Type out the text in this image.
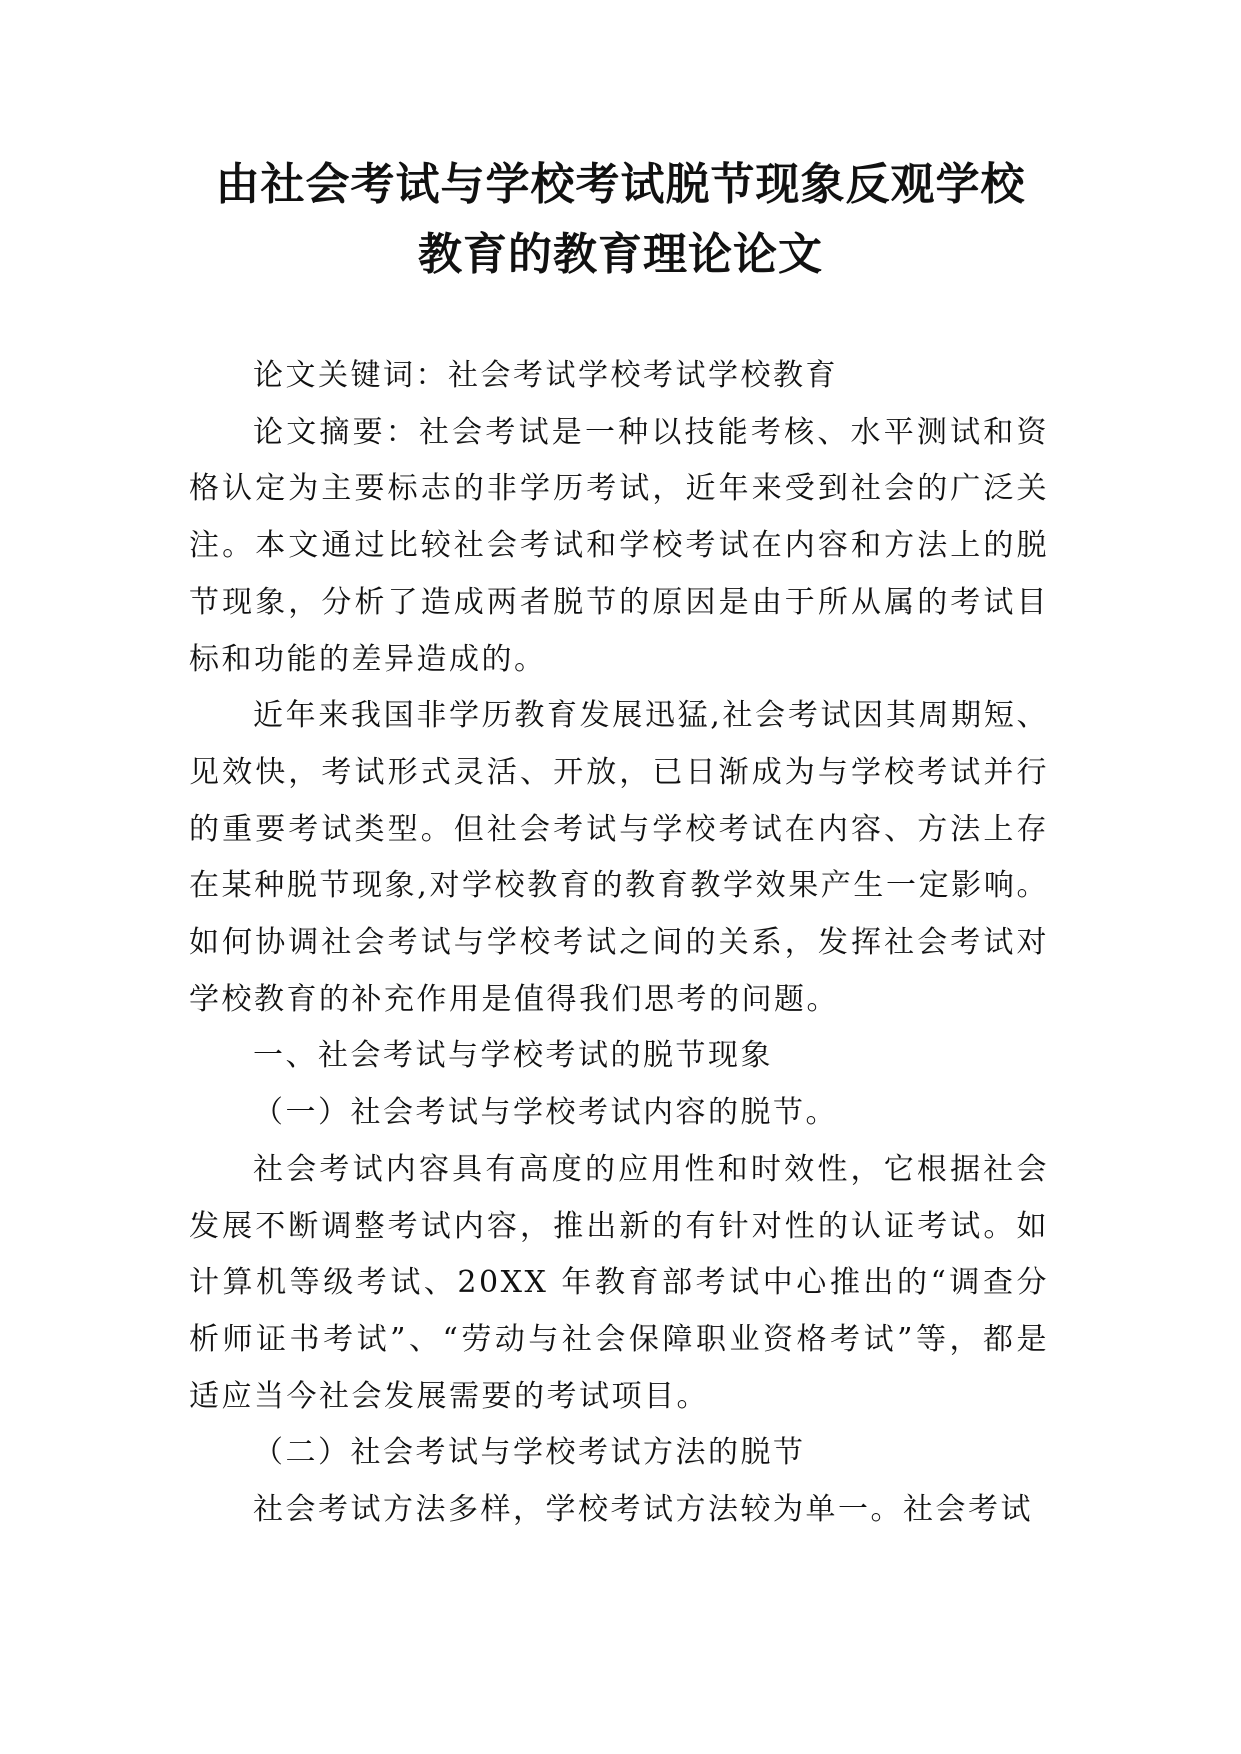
由社会考试与学校考试脱节现象反观学校
教育的教育理论论文

论文关键词：社会考试学校考试学校教育

论文摘要：社会考试是一种以技能考核、水平测试和资格认定为主要标志的非学历考试，近年来受到社会的广泛关注。本文通过比较社会考试和学校考试在内容和方法上的脱节现象，分析了造成两者脱节的原因是由于所从属的考试目标和功能的差异造成的。

近年来我国非学历教育发展迅猛,社会考试因其周期短、见效快，考试形式灵活、开放，已日渐成为与学校考试并行的重要考试类型。但社会考试与学校考试在内容、方法上存在某种脱节现象,对学校教育的教育教学效果产生一定影响。如何协调社会考试与学校考试之间的关系，发挥社会考试对学校教育的补充作用是值得我们思考的问题。

一、社会考试与学校考试的脱节现象

（一）社会考试与学校考试内容的脱节。

社会考试内容具有高度的应用性和时效性，它根据社会发展不断调整考试内容，推出新的有针对性的认证考试。如计算机等级考试、20XX 年教育部考试中心推出的“调查分析师证书考试”、“劳动与社会保障职业资格考试”等，都是适应当今社会发展需要的考试项目。

（二）社会考试与学校考试方法的脱节

社会考试方法多样，学校考试方法较为单一。社会考试
